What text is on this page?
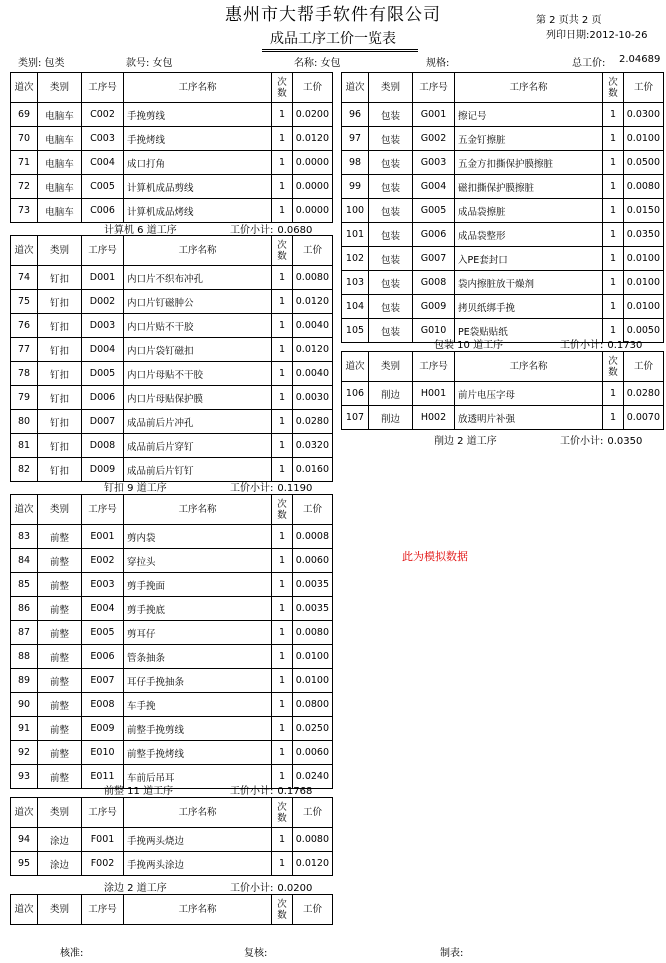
惠州市大帮手软件有限公司
成品工序工价一览表
第 2 页共 2 页
列印日期:2012-10-26
类别: 包类	款号: 女包	名称: 女包	规格:	总工价: 2.04689
道次	类别	工序号	工序名称	次数	工价
69	电脑车	C002	手挽剪线	1	0.0200
70	电脑车	C003	手挽烤线	1	0.0120
71	电脑车	C004	成口打角	1	0.0000
72	电脑车	C005	计算机成品剪线	1	0.0000
73	电脑车	C006	计算机成品烤线	1	0.0000
计算机 6 道工序	工价小计: 0.0680
道次	类别	工序号	工序名称	次数	工价
74	钉扣	D001	内口片不织布冲孔	1	0.0080
75	钉扣	D002	内口片钉磁肿公	1	0.0120
76	钉扣	D003	内口片贴不干胶	1	0.0040
77	钉扣	D004	内口片袋钉磁扣	1	0.0120
78	钉扣	D005	内口片母贴不干胶	1	0.0040
79	钉扣	D006	内口片母贴保护膜	1	0.0030
80	钉扣	D007	成品前后片冲孔	1	0.0280
81	钉扣	D008	成品前后片穿钉	1	0.0320
82	钉扣	D009	成品前后片钉钉	1	0.0160
钉扣 9 道工序	工价小计: 0.1190
道次	类别	工序号	工序名称	次数	工价
83	前整	E001	剪内袋	1	0.0008
84	前整	E002	穿拉头	1	0.0060
85	前整	E003	剪手挽面	1	0.0035
86	前整	E004	剪手挽底	1	0.0035
87	前整	E005	剪耳仔	1	0.0080
88	前整	E006	管条抽条	1	0.0100
89	前整	E007	耳仔手挽抽条	1	0.0100
90	前整	E008	车手挽	1	0.0800
91	前整	E009	前整手挽剪线	1	0.0250
92	前整	E010	前整手挽烤线	1	0.0060
93	前整	E011	车前后吊耳	1	0.0240
前整 11 道工序	工价小计: 0.1768
道次	类别	工序号	工序名称	次数	工价
94	涂边	F001	手挽两头烧边	1	0.0080
95	涂边	F002	手挽两头涂边	1	0.0120
涂边 2 道工序	工价小计: 0.0200
道次	类别	工序号	工序名称	次数	工价
道次	类别	工序号	工序名称	次数	工价
96	包装	G001	擦记号	1	0.0300
97	包装	G002	五金钉擦脏	1	0.0100
98	包装	G003	五金方扣撕保护膜擦脏	1	0.0500
99	包装	G004	磁扣撕保护膜擦脏	1	0.0080
100	包装	G005	成品袋擦脏	1	0.0150
101	包装	G006	成品袋整形	1	0.0350
102	包装	G007	入PE套封口	1	0.0100
103	包装	G008	袋内擦脏放干燥剂	1	0.0100
104	包装	G009	拷贝纸绑手挽	1	0.0100
105	包装	G010	PE袋贴贴纸	1	0.0050
包装 10 道工序	工价小计: 0.1730
道次	类别	工序号	工序名称	次数	工价
106	削边	H001	前片电压字母	1	0.0280
107	削边	H002	放透明片补强	1	0.0070
削边 2 道工序	工价小计: 0.0350
此为模拟数据
核准:	复核:	制表:
